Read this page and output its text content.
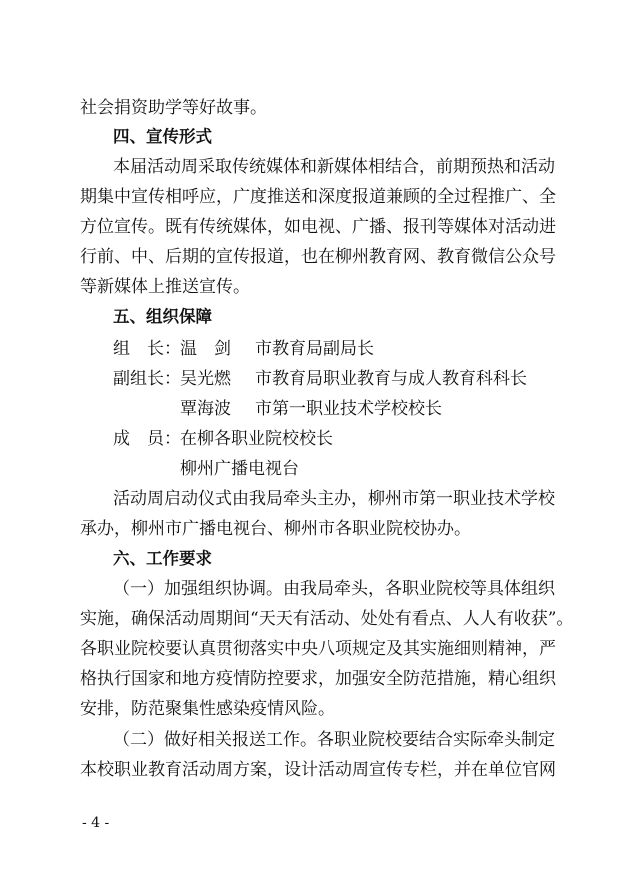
社会捐资助学等好故事。
四、宣传形式
本届活动周采取传统媒体和新媒体相结合，前期预热和活动
期集中宣传相呼应，广度推送和深度报道兼顾的全过程推广、全
方位宣传。既有传统媒体，如电视、广播、报刊等媒体对活动进
行前、中、后期的宣传报道，也在柳州教育网、教育微信公众号
等新媒体上推送宣传。
五、组织保障
组　长：温　剑 市教育局副局长
副组长：吴光燃 市教育局职业教育与成人教育科科长
覃海波 市第一职业技术学校校长
成　员：在柳各职业院校校长
柳州广播电视台
活动周启动仪式由我局牵头主办，柳州市第一职业技术学校
承办，柳州市广播电视台、柳州市各职业院校协办。
六、工作要求
（一）加强组织协调。由我局牵头，各职业院校等具体组织
实施，确保活动周期间“天天有活动、处处有看点、人人有收获”。
各职业院校要认真贯彻落实中央八项规定及其实施细则精神，严
格执行国家和地方疫情防控要求，加强安全防范措施，精心组织
安排，防范聚集性感染疫情风险。
（二）做好相关报送工作。各职业院校要结合实际牵头制定
本校职业教育活动周方案，设计活动周宣传专栏，并在单位官网
- 4 -
